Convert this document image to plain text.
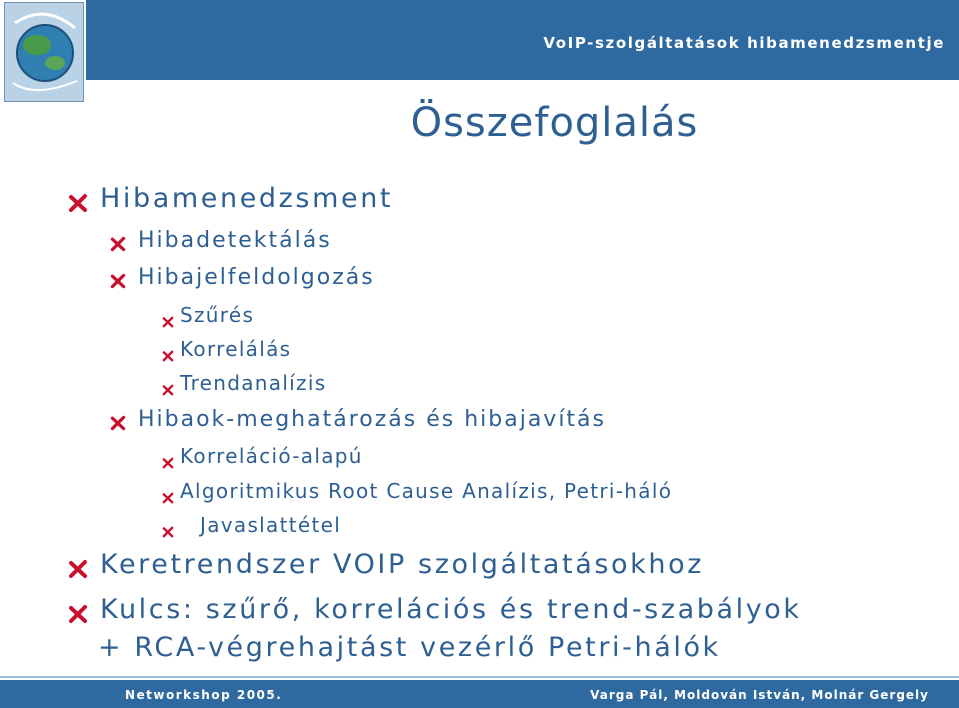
VoIP-szolgáltatások hibamenedzsmentje
Összefoglalás
Hibamenedzsment
Hibadetektálás
Hibajelfeldolgozás
Szűrés
Korrelálás
Trendanalízis
Hibaok-meghatározás és hibajavítás
Korreláció-alapú
Algoritmikus Root Cause Analízis, Petri-háló
Javaslattétel
Keretrendszer VOIP szolgáltatásokhoz
Kulcs: szűrő, korrelációs és trend-szabályok
+ RCA-végrehajtást vezérlő Petri-hálók
Networkshop 2005.	Varga Pál, Moldován István, Molnár Gergely
